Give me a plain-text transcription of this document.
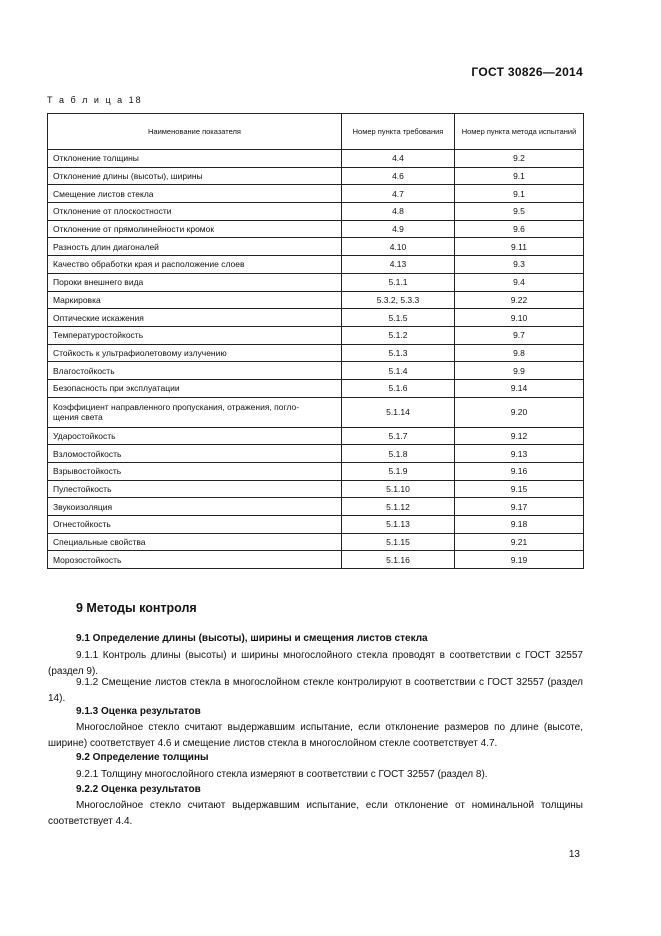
ГОСТ 30826—2014
Т а б л и ц а 18
Наименование показателя	Номер пункта требования	Номер пункта метода испытаний
Отклонение толщины	4.4	9.2
Отклонение длины (высоты), ширины	4.6	9.1
Смещение листов стекла	4.7	9.1
Отклонение от плоскостности	4.8	9.5
Отклонение от прямолинейности кромок	4.9	9.6
Разность длин диагоналей	4.10	9.11
Качество обработки края и расположение слоев	4.13	9.3
Пороки внешнего вида	5.1.1	9.4
Маркировка	5.3.2, 5.3.3	9.22
Оптические искажения	5.1.5	9.10
Температуростойкость	5.1.2	9.7
Стойкость к ультрафиолетовому излучению	5.1.3	9.8
Влагостойкость	5.1.4	9.9
Безопасность при эксплуатации	5.1.6	9.14
Коэффициент направленного пропускания, отражения, погло-
щения света	5.1.14	9.20
Ударостойкость	5.1.7	9.12
Взломостойкость	5.1.8	9.13
Взрывостойкость	5.1.9	9.16
Пулестойкость	5.1.10	9.15
Звукоизоляция	5.1.12	9.17
Огнестойкость	5.1.13	9.18
Специальные свойства	5.1.15	9.21
Морозостойкость	5.1.16	9.19
9 Методы контроля
9.1 Определение длины (высоты), ширины и смещения листов стекла

9.1.1 Контроль длины (высоты) и ширины многослойного стекла проводят в соответствии с ГОСТ 32557 (раздел 9).

9.1.2 Смещение листов стекла в многослойном стекле контролируют в соответствии с ГОСТ 32557 (раздел 14).

9.1.3 Оценка результатов

Многослойное стекло считают выдержавшим испытание, если отклонение размеров по длине (высоте, ширине) соответствует 4.6 и смещение листов стекла в многослойном стекле соответствует 4.7.

9.2 Определение толщины

9.2.1 Толщину многослойного стекла измеряют в соответствии с ГОСТ 32557 (раздел 8).

9.2.2 Оценка результатов

Многослойное стекло считают выдержавшим испытание, если отклонение от номинальной толщины соответствует 4.4.

13
